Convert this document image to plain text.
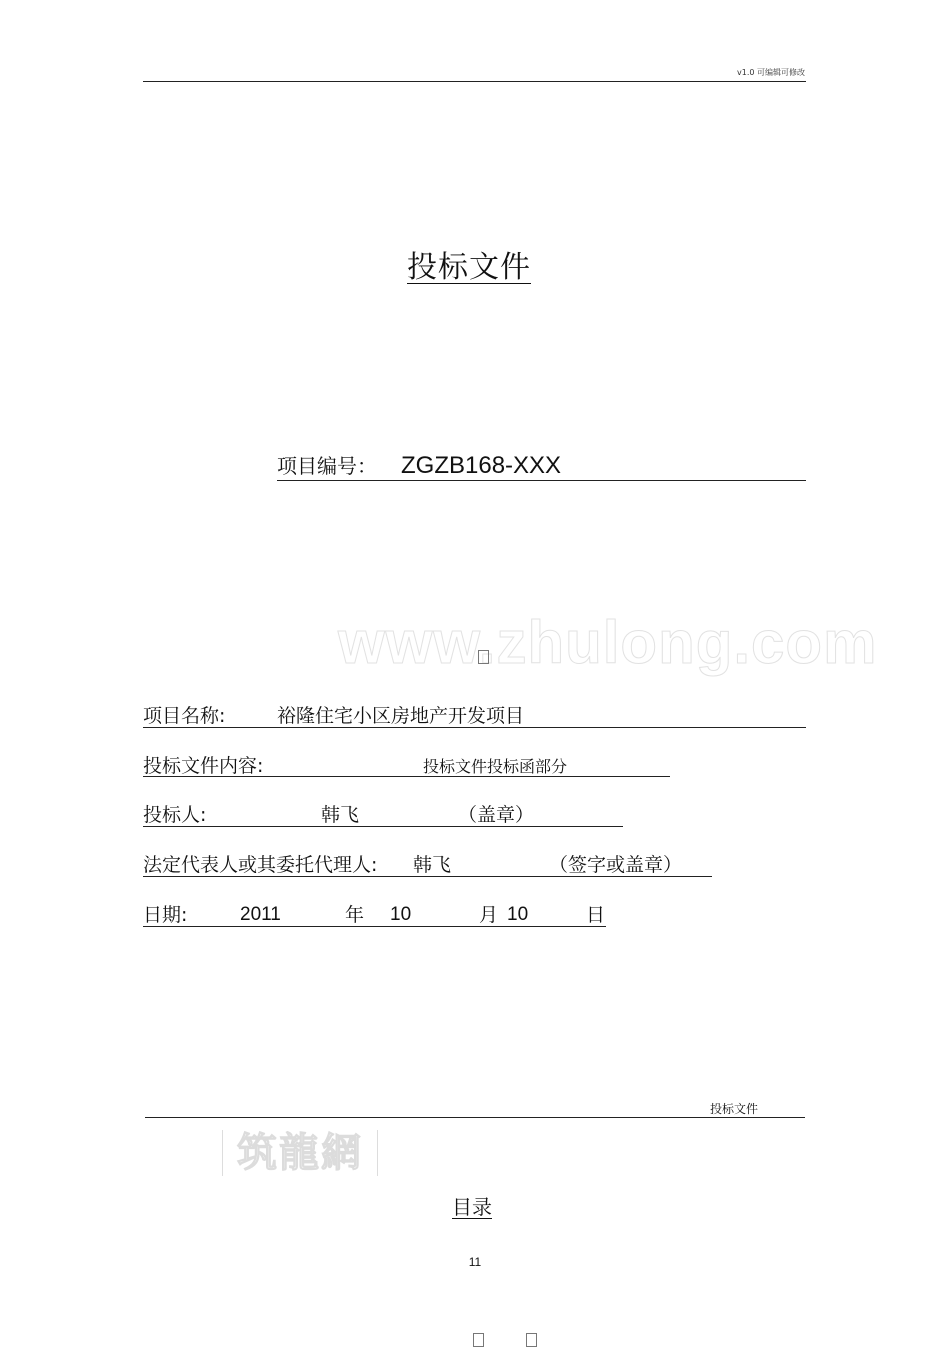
v1.0 可编辑可修改
投标文件
项目编号： ZGZB168-XXX
www.zhulong.com
项目名称:	裕隆住宅小区房地产开发项目
投标文件内容:	投标文件投标函部分
投标人:	韩飞	（盖章）
法定代表人或其委托代理人: 韩飞	（签字或盖章）
日期:	2011	年 10	月 10	日
投标文件
筑龍網
目录
11
